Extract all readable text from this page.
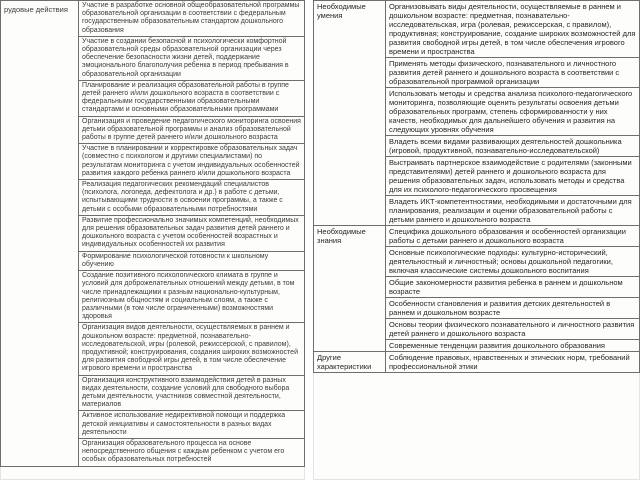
рудовые действия	Участие в разработке основной общеобразовательной программы образовательной организации в соответствии с федеральным государственным образовательным стандартом дошкольного образования
Участие в создании безопасной и психологически комфортной образовательной среды образовательной организации через обеспечение безопасности жизни детей, поддержание эмоционального благополучия ребенка в период пребывания в образовательной организации
Планирование и реализация образовательной работы в группе детей раннего и/или дошкольного возраста в соответствии с федеральными государственными образовательными стандартами и основными образовательными программами
Организация и проведение педагогического мониторинга освоения детьми образовательной программы и анализ образовательной работы в группе детей раннего и/или дошкольного возраста
Участие в планировании и корректировке образовательных задач (совместно с психологом и другими специалистами) по результатам мониторинга с учетом индивидуальных особенностей развития каждого ребенка раннего и/или дошкольного возраста
Реализация педагогических рекомендаций специалистов (психолога, логопеда, дефектолога и др.) в работе с детьми, испытывающими трудности в освоении программы, а также с детьми с особыми образовательными потребностями
Развитие профессионально значимых компетенций, необходимых для решения образовательных задач развития детей раннего и дошкольного возраста с учетом особенностей возрастных и индивидуальных особенностей их развития
Формирование психологической готовности к школьному обучению
Создание позитивного психологического климата в группе и условий для доброжелательных отношений между детьми, в том числе принадлежащими к разным национально-культурным, религиозным общностям и социальным слоям, а также с различными (в том числе ограниченными) возможностями здоровья
Организация видов деятельности, осуществляемых в раннем и дошкольном возрасте: предметной, познавательно-исследовательской, игры (ролевой, режиссерской, с правилом), продуктивной; конструирования, создания широких возможностей для развития свободной игры детей, в том числе обеспечение игрового времени и пространства
Организация конструктивного взаимодействия детей в разных видах деятельности, создание условий для свободного выбора детьми деятельности, участников совместной деятельности, материалов
Активное использование недирективной помощи и поддержка детской инициативы и самостоятельности в разных видах деятельности
Организация образовательного процесса на основе непосредственного общения с каждым ребенком с учетом его особых образовательных потребностей
Необходимые умения	Организовывать виды деятельности, осуществляемые в раннем и дошкольном возрасте: предметная, познавательно-исследовательская, игра (ролевая, режиссерская, с правилом), продуктивная; конструирование, создание широких возможностей для развития свободной игры детей, в том числе обеспечения игрового времени и пространства
	Применять методы физического, познавательного и личностного развития детей раннего и дошкольного возраста в соответствии с образовательной программой организации
	Использовать методы и средства анализа психолого-педагогического мониторинга, позволяющие оценить результаты освоения детьми образовательных программ, степень сформированности у них качеств, необходимых для дальнейшего обучения и развития на следующих уровнях обучения
	Владеть всеми видами развивающих деятельностей дошкольника (игровой, продуктивной, познавательно-исследовательской)
	Выстраивать партнерское взаимодействие с родителями (законными представителями) детей раннего и дошкольного возраста для решения образовательных задач, использовать методы и средства для их психолого-педагогического просвещения
	Владеть ИКТ-компетентностями, необходимыми и достаточными для планирования, реализации и оценки образовательной работы с детьми раннего и дошкольного возраста
Необходимые знания	Специфика дошкольного образования и особенностей организации работы с детьми раннего и дошкольного возраста
	Основные психологические подходы: культурно-исторический, деятельностный и личностный; основы дошкольной педагогики, включая классические системы дошкольного воспитания
	Общие закономерности развития ребенка в раннем и дошкольном возрасте
	Особенности становления и развития детских деятельностей в раннем и дошкольном возрасте
	Основы теории физического познавательного и личностного развития детей раннего и дошкольного возраста
	Современные тенденции развития дошкольного образования
Другие характеристики	Соблюдение правовых, нравственных и этических норм, требований профессиональной этики
